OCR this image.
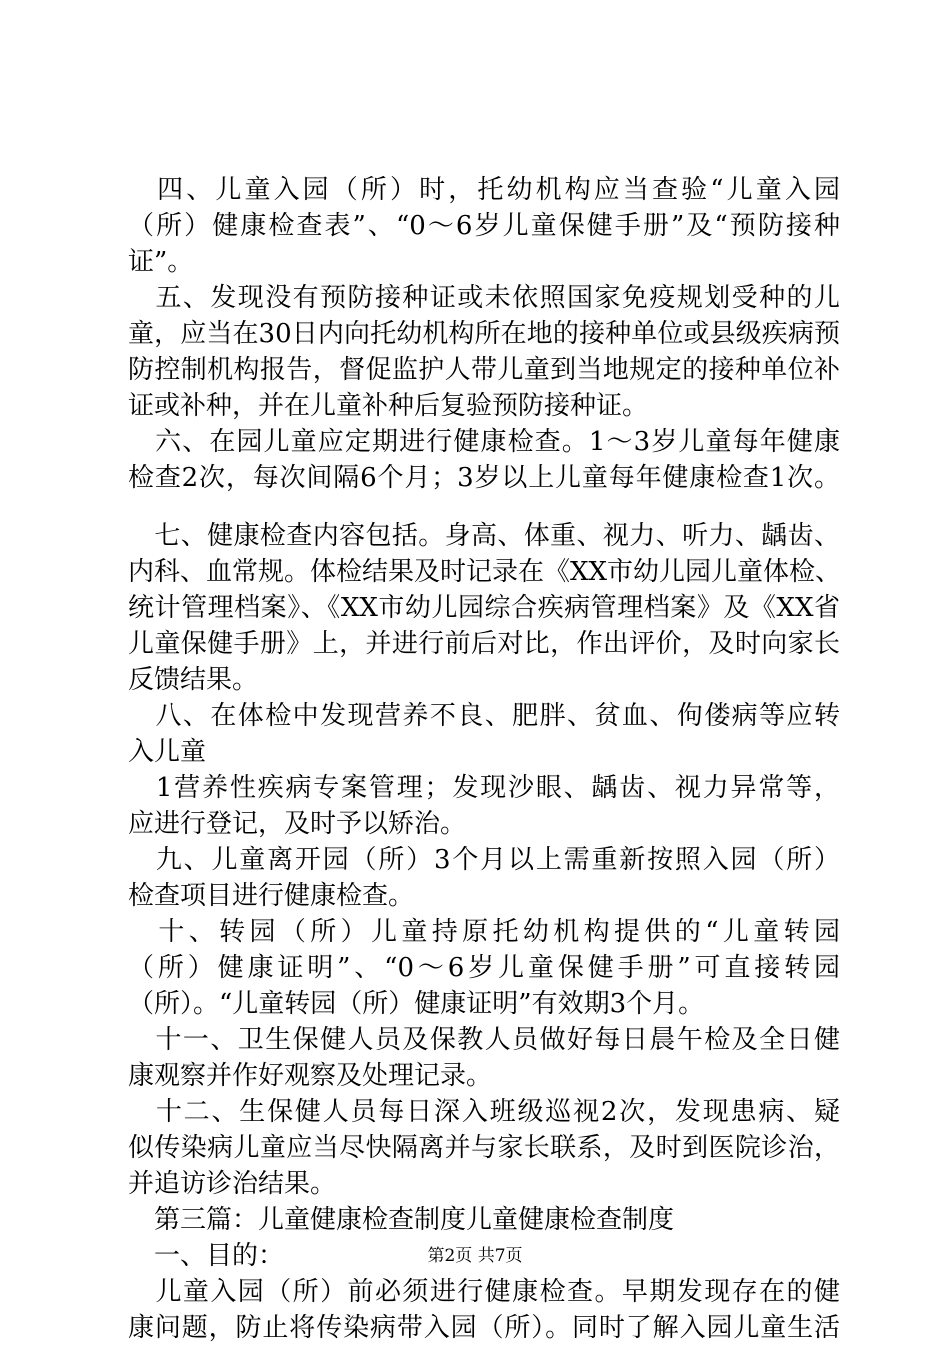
　四、儿童入园（所）时，托幼机构应当查验“儿童入园
（所）健康检查表”、“0～6岁儿童保健手册”及“预防接种
证”。
　五、发现没有预防接种证或未依照国家免疫规划受种的儿
童，应当在30日内向托幼机构所在地的接种单位或县级疾病预
防控制机构报告，督促监护人带儿童到当地规定的接种单位补
证或补种，并在儿童补种后复验预防接种证。
　六、在园儿童应定期进行健康检查。1～3岁儿童每年健康
检查2次，每次间隔6个月；3岁以上儿童每年健康检查1次。
　七、健康检查内容包括。身高、体重、视力、听力、龋齿、
内科、血常规。体检结果及时记录在《XX市幼儿园儿童体检、
统计管理档案》、《XX市幼儿园综合疾病管理档案》及《XX省
儿童保健手册》上，并进行前后对比，作出评价，及时向家长
反馈结果。
　八、在体检中发现营养不良、肥胖、贫血、佝偻病等应转
入儿童
　1营养性疾病专案管理；发现沙眼、龋齿、视力异常等，
应进行登记，及时予以矫治。
　九、儿童离开园（所）3个月以上需重新按照入园（所）
检查项目进行健康检查。
　十、转园（所）儿童持原托幼机构提供的“儿童转园
（所）健康证明”、“0～6岁儿童保健手册”可直接转园
（所）。“儿童转园（所）健康证明”有效期3个月。
　十一、卫生保健人员及保教人员做好每日晨午检及全日健
康观察并作好观察及处理记录。
　十二、生保健人员每日深入班级巡视2次，发现患病、疑
似传染病儿童应当尽快隔离并与家长联系，及时到医院诊治，
并追访诊治结果。
　第三篇：儿童健康检查制度儿童健康检查制度
　一、目的：
　儿童入园（所）前必须进行健康检查。早期发现存在的健
康问题，防止将传染病带入园（所）。同时了解入园儿童生活
第2页 共7页
